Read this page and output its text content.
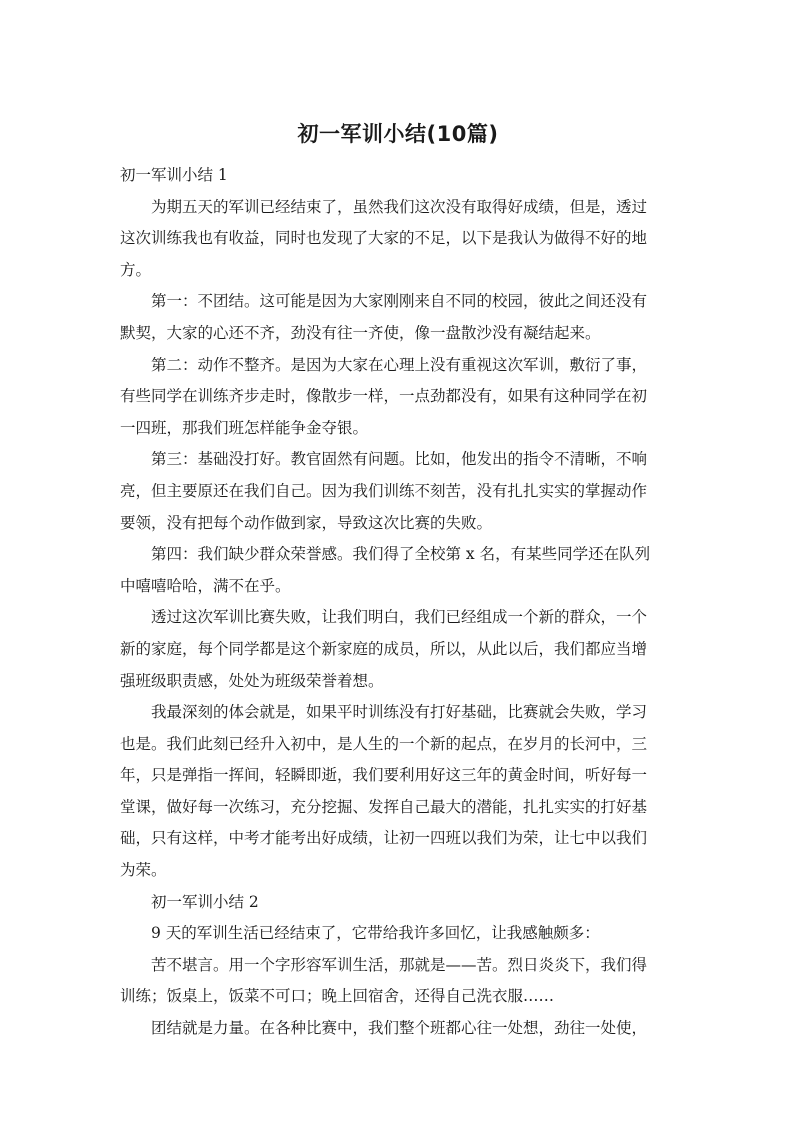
初一军训小结(10篇)

初一军训小结 1

为期五天的军训已经结束了，虽然我们这次没有取得好成绩，但是，透过

这次训练我也有收益，同时也发现了大家的不足，以下是我认为做得不好的地

方。

第一：不团结。这可能是因为大家刚刚来自不同的校园，彼此之间还没有

默契，大家的心还不齐，劲没有往一齐使，像一盘散沙没有凝结起来。

第二：动作不整齐。是因为大家在心理上没有重视这次军训，敷衍了事，

有些同学在训练齐步走时，像散步一样，一点劲都没有，如果有这种同学在初

一四班，那我们班怎样能争金夺银。

第三：基础没打好。教官固然有问题。比如，他发出的指令不清晰，不响

亮，但主要原还在我们自己。因为我们训练不刻苦，没有扎扎实实的掌握动作

要领，没有把每个动作做到家，导致这次比赛的失败。

第四：我们缺少群众荣誉感。我们得了全校第 x 名，有某些同学还在队列

中嘻嘻哈哈，满不在乎。

透过这次军训比赛失败，让我们明白，我们已经组成一个新的群众，一个

新的家庭，每个同学都是这个新家庭的成员，所以，从此以后，我们都应当增

强班级职责感，处处为班级荣誉着想。

我最深刻的体会就是，如果平时训练没有打好基础，比赛就会失败，学习

也是。我们此刻已经升入初中，是人生的一个新的起点，在岁月的长河中，三

年，只是弹指一挥间，轻瞬即逝，我们要利用好这三年的黄金时间，听好每一

堂课，做好每一次练习，充分挖掘、发挥自己最大的潜能，扎扎实实的打好基

础，只有这样，中考才能考出好成绩，让初一四班以我们为荣，让七中以我们

为荣。

初一军训小结 2

9 天的军训生活已经结束了，它带给我许多回忆，让我感触颇多：

苦不堪言。用一个字形容军训生活，那就是——苦。烈日炎炎下，我们得

训练；饭桌上，饭菜不可口；晚上回宿舍，还得自己洗衣服……

团结就是力量。在各种比赛中，我们整个班都心往一处想，劲往一处使，
